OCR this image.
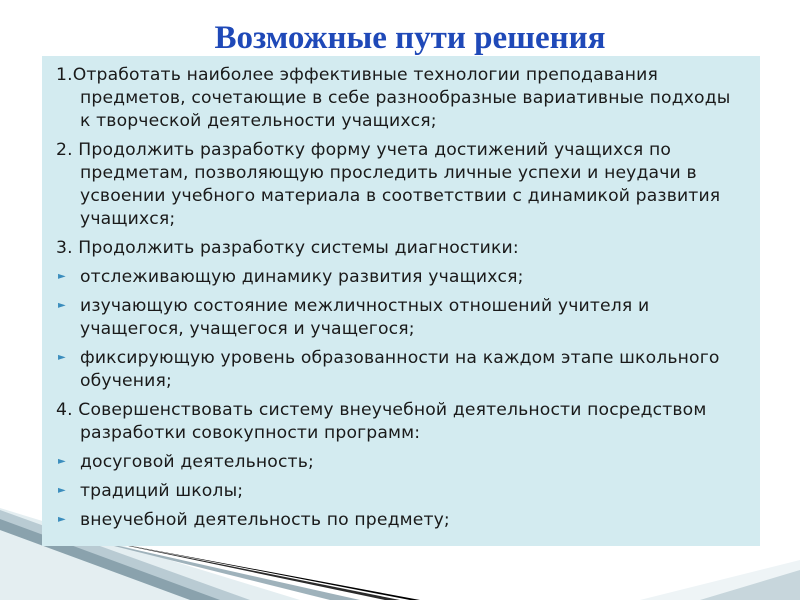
Возможные пути решения
1.Отработать наиболее эффективные технологии преподавания предметов, сочетающие в себе разнообразные вариативные подходы к творческой деятельности учащихся;
2. Продолжить разработку форму учета достижений учащихся по предметам, позволяющую проследить личные успехи и неудачи в усвоении учебного материала в соответствии с динамикой развития учащихся;
3. Продолжить разработку системы диагностики:
► отслеживающую динамику развития учащихся;
► изучающую состояние межличностных отношений учителя и учащегося, учащегося и учащегося;
► фиксирующую уровень образованности на каждом этапе школьного обучения;
4. Совершенствовать систему внеучебной деятельности посредством разработки совокупности программ:
► досуговой деятельность;
► традиций школы;
► внеучебной деятельность по предмету;
